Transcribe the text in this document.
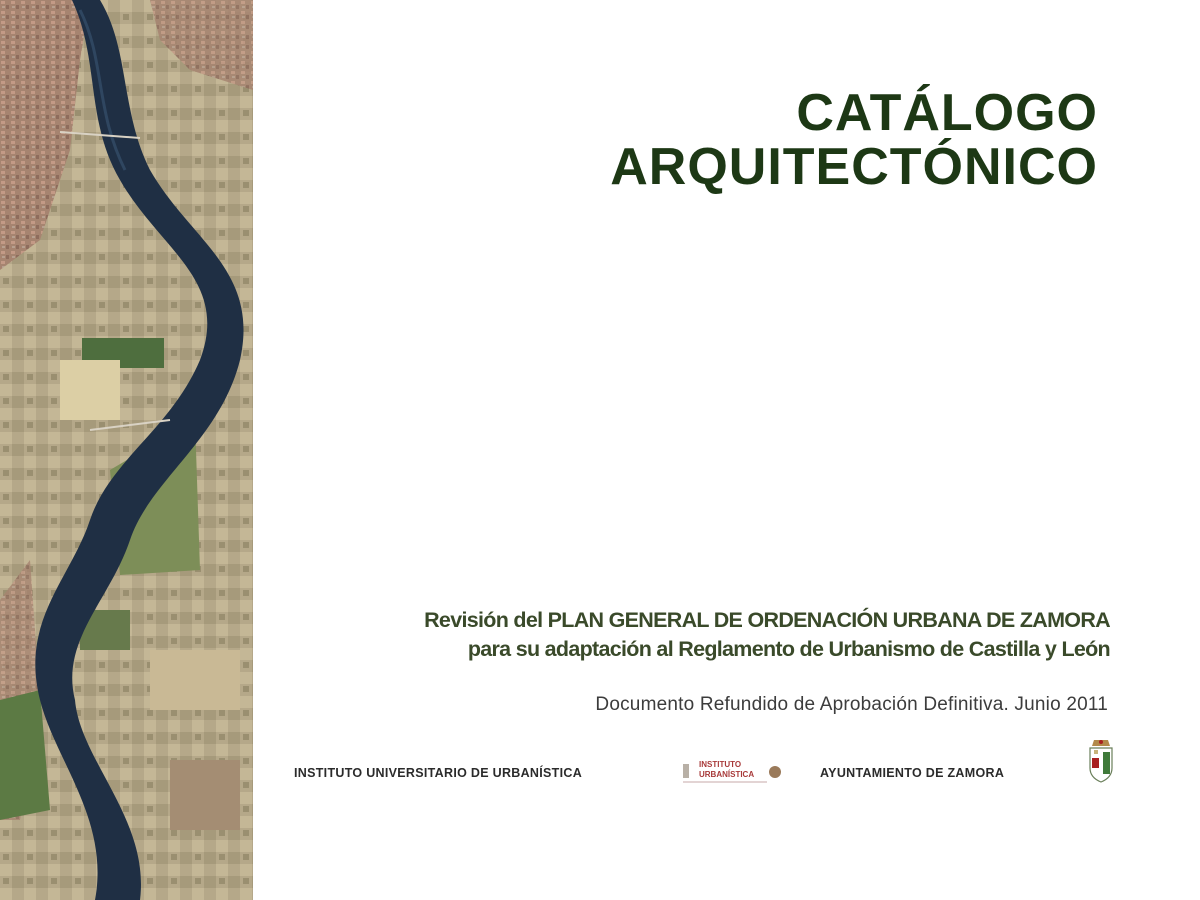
CATÁLOGO
ARQUITECTÓNICO
Revisión del PLAN GENERAL DE ORDENACIÓN URBANA DE ZAMORA
para su adaptación al Reglamento de Urbanismo de Castilla y León
Documento Refundido de Aprobación Definitiva. Junio 2011
INSTITUTO UNIVERSITARIO DE URBANÍSTICA
INSTITUTO
URBANÍSTICA	AYUNTAMIENTO DE ZAMORA
